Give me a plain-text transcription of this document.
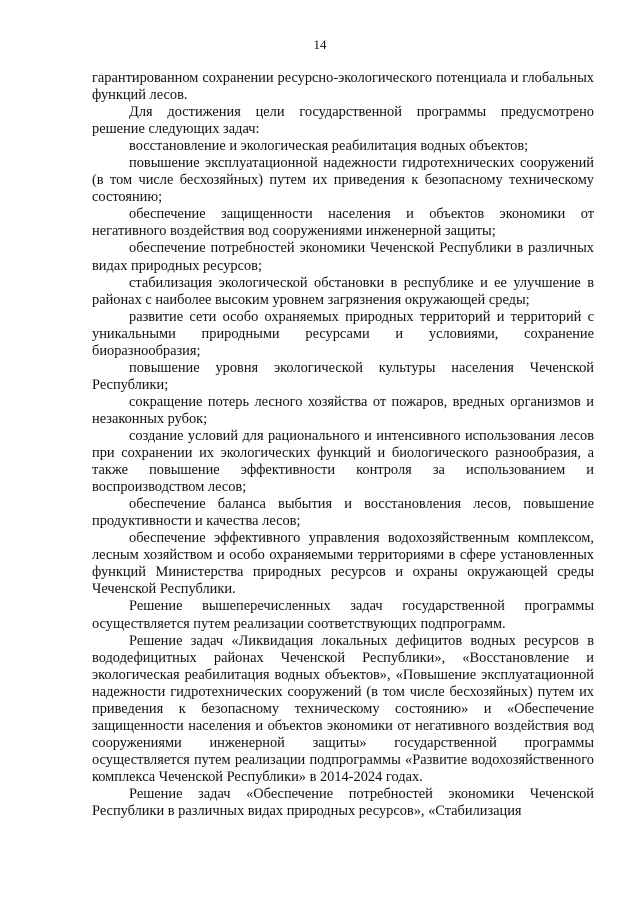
14

гарантированном сохранении ресурсно-экологического потенциала и глобальных функций лесов.

Для достижения цели государственной программы предусмотрено решение следующих задач:

восстановление и экологическая реабилитация водных объектов;

повышение эксплуатационной надежности гидротехнических сооружений (в том числе бесхозяйных) путем их приведения к безопасному техническому состоянию;

обеспечение защищенности населения и объектов экономики от негативного воздействия вод сооружениями инженерной защиты;

обеспечение потребностей экономики Чеченской Республики в различных видах природных ресурсов;

стабилизация экологической обстановки в республике и ее улучшение в районах с наиболее высоким уровнем загрязнения окружающей среды;

развитие сети особо охраняемых природных территорий и территорий с уникальными природными ресурсами и условиями, сохранение биоразнообразия;

повышение уровня экологической культуры населения Чеченской Республики;

сокращение потерь лесного хозяйства от пожаров, вредных организмов и незаконных рубок;

создание условий для рационального и интенсивного использования лесов при сохранении их экологических функций и биологического разнообразия, а также повышение эффективности контроля за использованием и воспроизводством лесов;

обеспечение баланса выбытия и восстановления лесов, повышение продуктивности и качества лесов;

обеспечение эффективного управления водохозяйственным комплексом, лесным хозяйством и особо охраняемыми территориями в сфере установленных функций Министерства природных ресурсов и охраны окружающей среды Чеченской Республики.

Решение вышеперечисленных задач государственной программы осуществляется путем реализации соответствующих подпрограмм.

Решение задач «Ликвидация локальных дефицитов водных ресурсов в вододефицитных районах Чеченской Республики», «Восстановление и экологическая реабилитация водных объектов», «Повышение эксплуатационной надежности гидротехнических сооружений (в том числе бесхозяйных) путем их приведения к безопасному техническому состоянию» и «Обеспечение защищенности населения и объектов экономики от негативного воздействия вод сооружениями инженерной защиты» государственной программы осуществляется путем реализации подпрограммы «Развитие водохозяйственного комплекса Чеченской Республики» в 2014-2024 годах.

Решение задач «Обеспечение потребностей экономики Чеченской Республики в различных видах природных ресурсов», «Стабилизация
